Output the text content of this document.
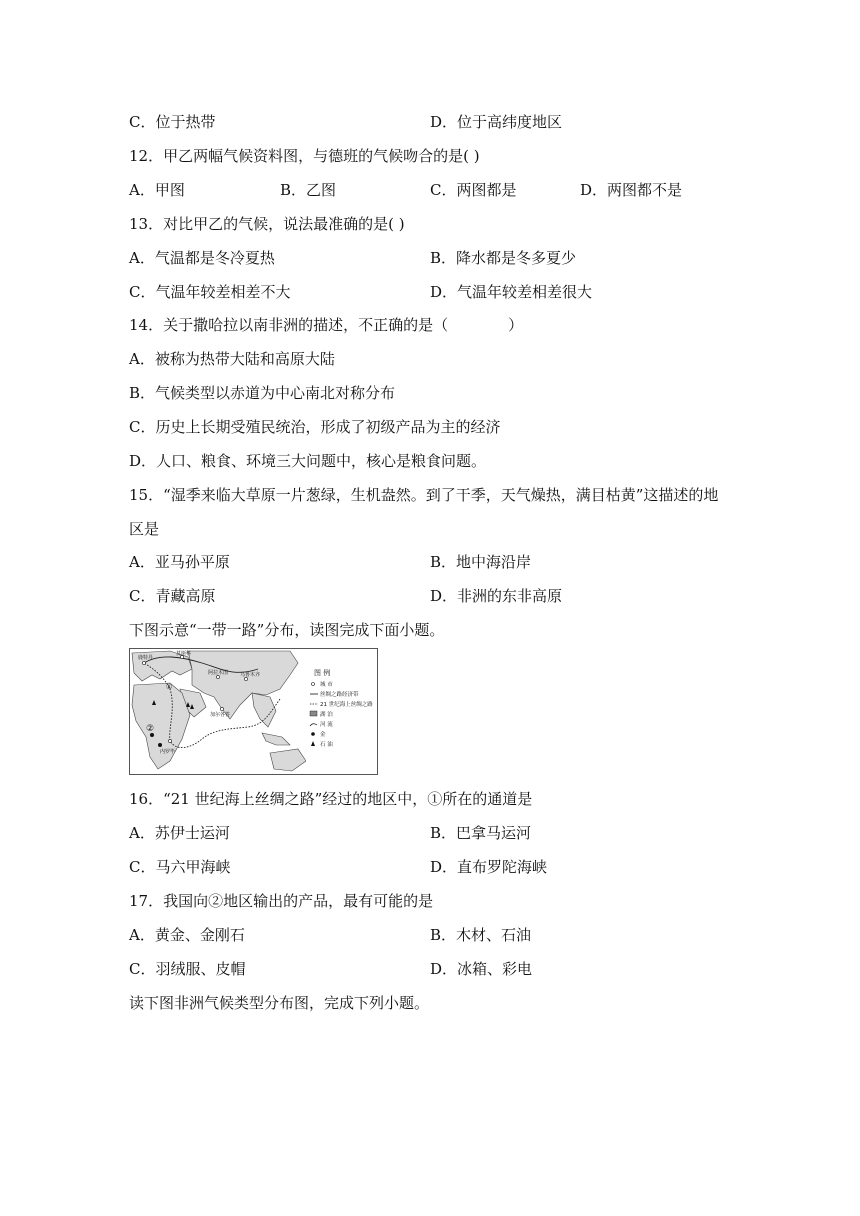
C．位于热带	D．位于高纬度地区
12．甲乙两幅气候资料图，与德班的气候吻合的是( )
A．甲图	B．乙图	C．两图都是	D．两图都不是
13．对比甲乙的气候，说法最准确的是( )
A．气温都是冬冷夏热	B．降水都是冬多夏少
C．气温年较差相差不大	D．气温年较差相差很大
14．关于撒哈拉以南非洲的描述，不正确的是（　　　　）
A．被称为热带大陆和高原大陆
B．气候类型以赤道为中心南北对称分布
C．历史上长期受殖民统治，形成了初级产品为主的经济
D．人口、粮食、环境三大问题中，核心是粮食问题。
15．“湿季来临大草原一片葱绿，生机盎然。到了干季，天气燥热，满目枯黄”这描述的地
区是
A．亚马孙平原	B．地中海沿岸
C．青藏高原	D．非洲的东非高原
下图示意“一带一路”分布，读图完成下面小题。
鹿特丹
莫斯科
阿拉木图 乌鲁木齐
加尔各答
内罗毕
①
②
图 例
城 市
丝绸之路经济带
21 世纪海上丝绸之路
湖 泊
河 流
金
石 油
16．“21 世纪海上丝绸之路”经过的地区中，①所在的通道是
A．苏伊士运河	B．巴拿马运河
C．马六甲海峡	D．直布罗陀海峡
17．我国向②地区输出的产品，最有可能的是
A．黄金、金刚石	B．木材、石油
C．羽绒服、皮帽	D．冰箱、彩电
读下图非洲气候类型分布图，完成下列小题。
